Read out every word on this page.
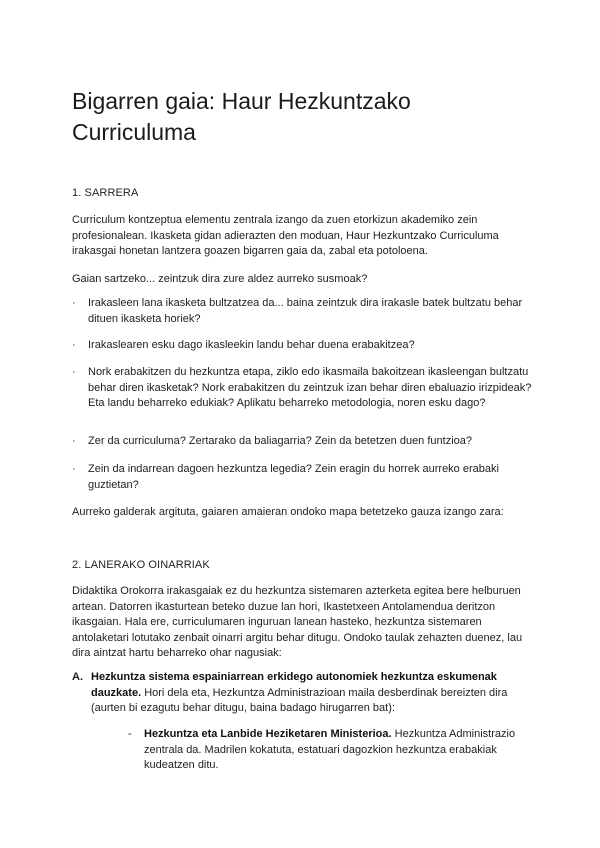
Bigarren gaia: Haur Hezkuntzako Curriculuma

1. SARRERA

Curriculum kontzeptua elementu zentrala izango da zuen etorkizun akademiko zein profesionalean. Ikasketa gidan adierazten den moduan, Haur Hezkuntzako Curriculuma irakasgai honetan lantzera goazen bigarren gaia da, zabal eta potoloena.

Gaian sartzeko... zeintzuk dira zure aldez aurreko susmoak?

·	Irakasleen lana ikasketa bultzatzea da... baina zeintzuk dira irakasle batek bultzatu behar dituen ikasketa horiek?
·	Irakaslearen esku dago ikasleekin landu behar duena erabakitzea?
·	Nork erabakitzen du hezkuntza etapa, ziklo edo ikasmaila bakoitzean ikasleengan bultzatu behar diren ikasketak? Nork erabakitzen du zeintzuk izan behar diren ebaluazio irizpideak? Eta landu beharreko edukiak? Aplikatu beharreko metodologia, noren esku dago?
·	Zer da curriculuma? Zertarako da baliagarria? Zein da betetzen duen funtzioa?
·	Zein da indarrean dagoen hezkuntza legedia? Zein eragin du horrek aurreko erabaki guztietan?

Aurreko galderak argituta, gaiaren amaieran ondoko mapa betetzeko gauza izango zara:

2. LANERAKO OINARRIAK

Didaktika Orokorra irakasgaiak ez du hezkuntza sistemaren azterketa egitea bere helburuen artean. Datorren ikasturtean beteko duzue lan hori, Ikastetxeen Antolamendua deritzon ikasgaian. Hala ere, curriculumaren inguruan lanean hasteko, hezkuntza sistemaren antolaketari lotutako zenbait oinarri argitu behar ditugu. Ondoko taulak zehazten duenez, lau dira aintzat hartu beharreko ohar nagusiak:

A. Hezkuntza sistema espainiarrean erkidego autonomiek hezkuntza eskumenak dauzkate. Hori dela eta, Hezkuntza Administrazioan maila desberdinak bereizten dira (aurten bi ezagutu behar ditugu, baina badago hirugarren bat):
- Hezkuntza eta Lanbide Heziketaren Ministerioa. Hezkuntza Administrazio zentrala da. Madrilen kokatuta, estatuari dagozkion hezkuntza erabakiak kudeatzen ditu.
